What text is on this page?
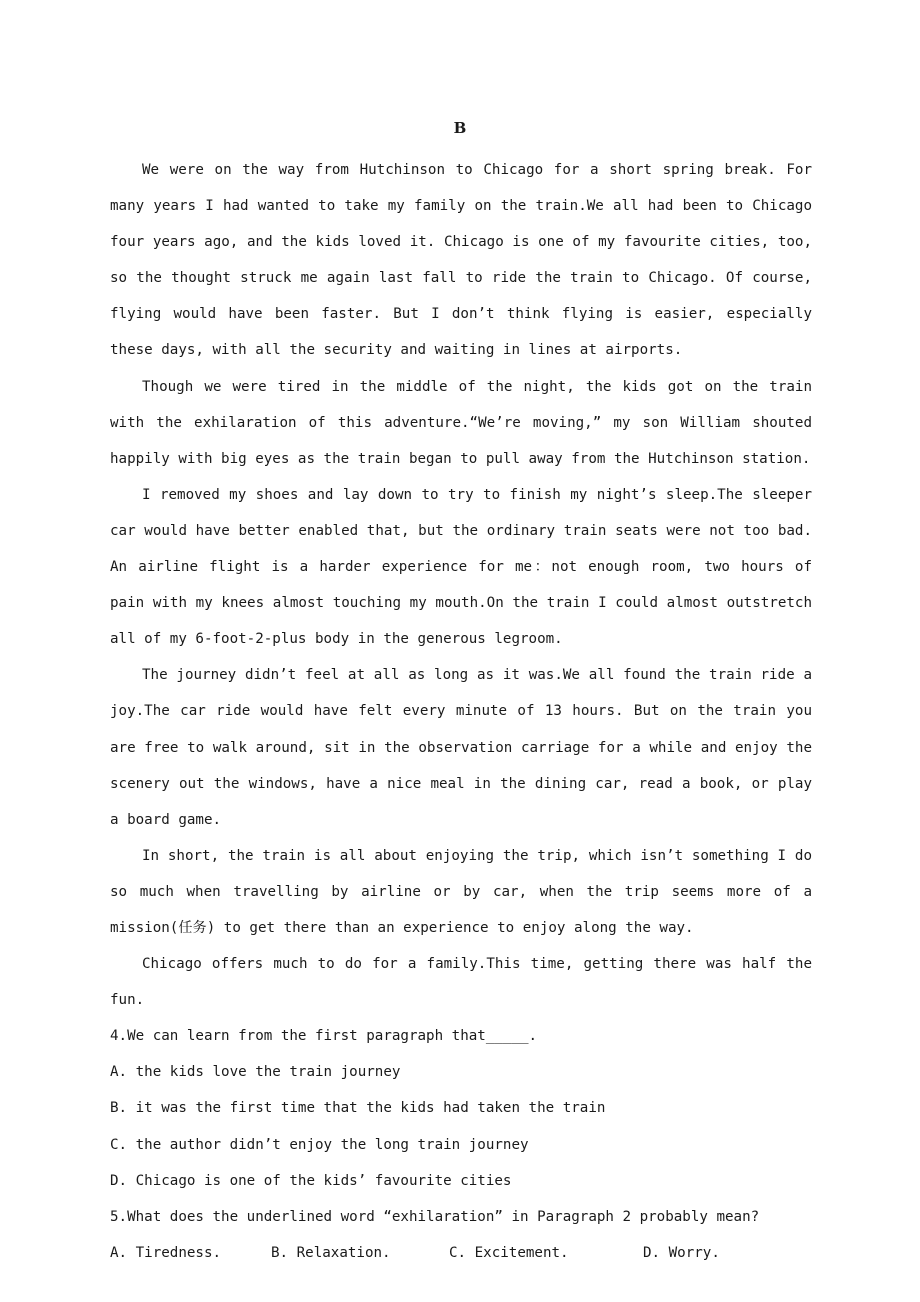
B

We were on the way from Hutchinson to Chicago for a short spring break. For many years I had wanted to take my family on the train.We all had been to Chicago four years ago, and the kids loved it. Chicago is one of my favourite cities, too, so the thought struck me again last fall to ride the train to Chicago. Of course, flying would have been faster. But I don’t think flying is easier, especially these days, with all the security and waiting in lines at airports.

Though we were tired in the middle of the night, the kids got on the train with the exhilaration of this adventure.“We’re moving,” my son William shouted happily with big eyes as the train began to pull away from the Hutchinson station.

I removed my shoes and lay down to try to finish my night’s sleep.The sleeper car would have better enabled that, but the ordinary train seats were not too bad. An airline flight is a harder experience for me：not enough room, two hours of pain with my knees almost touching my mouth.On the train I could almost outstretch all of my 6-foot-2-plus body in the generous legroom.

The journey didn’t feel at all as long as it was.We all found the train ride a joy.The car ride would have felt every minute of 13 hours. But on the train you are free to walk around, sit in the observation carriage for a while and enjoy the scenery out the windows, have a nice meal in the dining car, read a book, or play a board game.

In short, the train is all about enjoying the trip, which isn’t something I do so much when travelling by airline or by car, when the trip seems more of a mission(任务) to get there than an experience to enjoy along the way.

Chicago offers much to do for a family.This time, getting there was half the fun.

4.We can learn from the first paragraph that_____.

A. the kids love the train journey

B. it was the first time that the kids had taken the train

C. the author didn’t enjoy the long train journey

D. Chicago is one of the kids’ favourite cities

5.What does the underlined word “exhilaration” in Paragraph 2 probably mean?

A. Tiredness.	B. Relaxation.	C. Excitement.	D. Worry.
